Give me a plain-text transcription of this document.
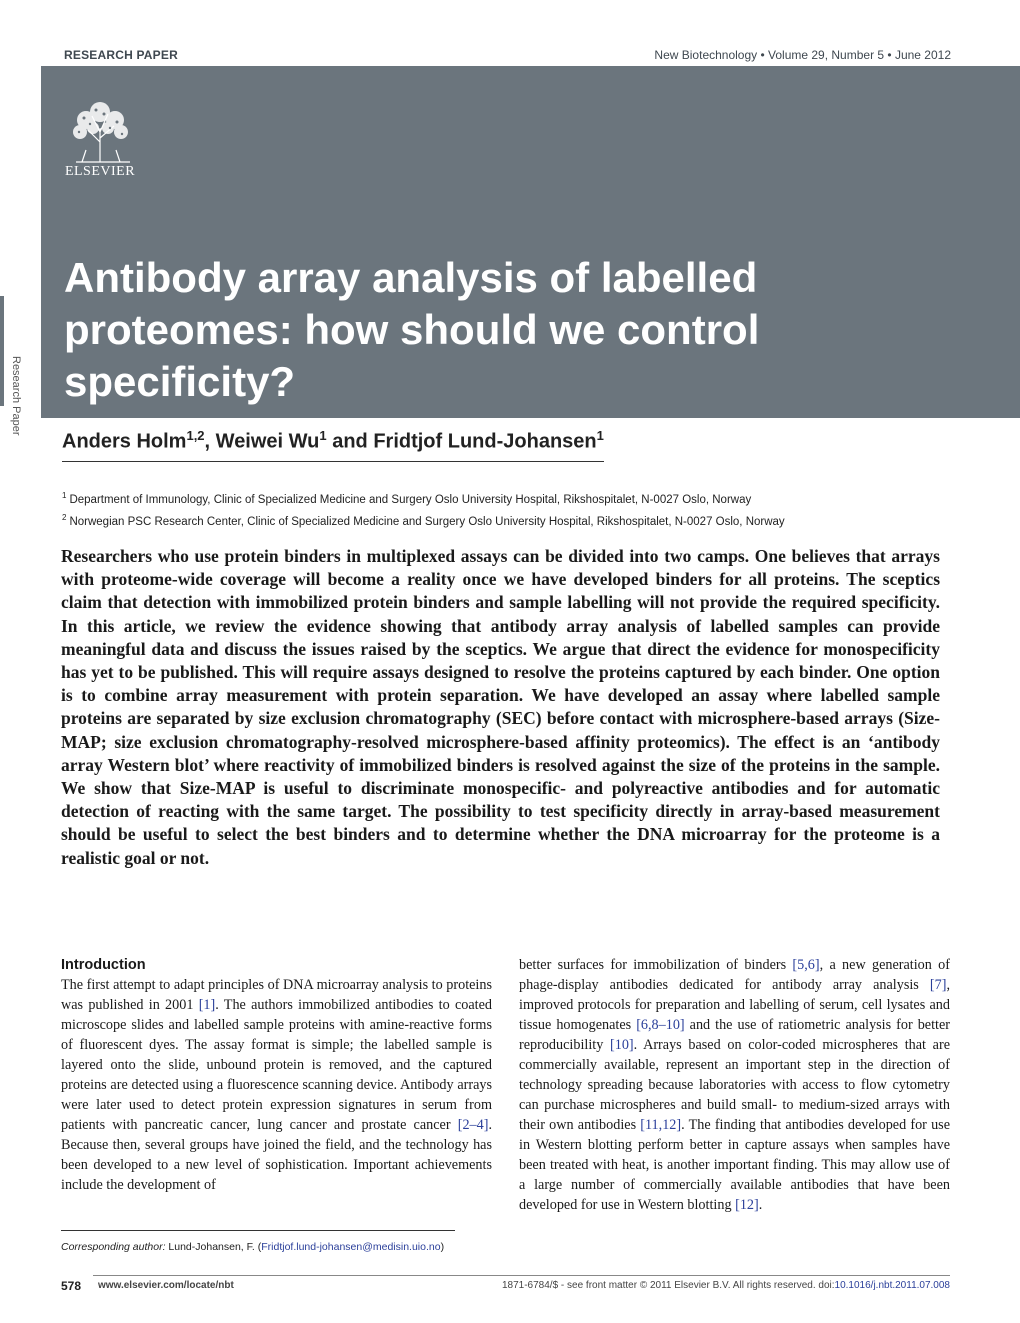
RESEARCH PAPER	New Biotechnology • Volume 29, Number 5 • June 2012
ELSEVIER
Research Paper
Antibody array analysis of labelled proteomes: how should we control specificity?
Anders Holm$^{1,2}$, Weiwei Wu$^1$ and Fridtjof Lund-Johansen$^1$
$^1$ Department of Immunology, Clinic of Specialized Medicine and Surgery Oslo University Hospital, Rikshospitalet, N-0027 Oslo, Norway
$^2$ Norwegian PSC Research Center, Clinic of Specialized Medicine and Surgery Oslo University Hospital, Rikshospitalet, N-0027 Oslo, Norway

Researchers who use protein binders in multiplexed assays can be divided into two camps. One believes that arrays with proteome-wide coverage will become a reality once we have developed binders for all proteins. The sceptics claim that detection with immobilized protein binders and sample labelling will not provide the required specificity. In this article, we review the evidence showing that antibody array analysis of labelled samples can provide meaningful data and discuss the issues raised by the sceptics. We argue that direct the evidence for monospecificity has yet to be published. This will require assays designed to resolve the proteins captured by each binder. One option is to combine array measurement with protein separation. We have developed an assay where labelled sample proteins are separated by size exclusion chromatography (SEC) before contact with microsphere-based arrays (Size-MAP; size exclusion chromatography-resolved microsphere-based affinity proteomics). The effect is an ‘antibody array Western blot’ where reactivity of immobilized binders is resolved against the size of the proteins in the sample. We show that Size-MAP is useful to discriminate monospecific- and polyreactive antibodies and for automatic detection of reacting with the same target. The possibility to test specificity directly in array-based measurement should be useful to select the best binders and to determine whether the DNA microarray for the proteome is a realistic goal or not.

Introduction

The first attempt to adapt principles of DNA microarray analysis to proteins was published in 2001 [1]. The authors immobilized antibodies to coated microscope slides and labelled sample proteins with amine-reactive forms of fluorescent dyes. The assay format is simple; the labelled sample is layered onto the slide, unbound protein is removed, and the captured proteins are detected using a fluorescence scanning device. Antibody arrays were later used to detect protein expression signatures in serum from patients with pancreatic cancer, lung cancer and prostate cancer [2–4]. Because then, several groups have joined the field, and the technology has been developed to a new level of sophistication. Important achievements include the development of

better surfaces for immobilization of binders [5,6], a new generation of phage-display antibodies dedicated for antibody array analysis [7], improved protocols for preparation and labelling of serum, cell lysates and tissue homogenates [6,8–10] and the use of ratiometric analysis for better reproducibility [10]. Arrays based on color-coded microspheres that are commercially available, represent an important step in the direction of technology spreading because laboratories with access to flow cytometry can purchase microspheres and build small- to medium-sized arrays with their own antibodies [11,12]. The finding that antibodies developed for use in Western blotting perform better in capture assays when samples have been treated with heat, is another important finding. This may allow use of a large number of commercially available antibodies that have been developed for use in Western blotting [12].

Corresponding author: Lund-Johansen, F. (Fridtjof.lund-johansen@medisin.uio.no)
578 www.elsevier.com/locate/nbt	1871-6784/$ - see front matter © 2011 Elsevier B.V. All rights reserved. doi:10.1016/j.nbt.2011.07.008
